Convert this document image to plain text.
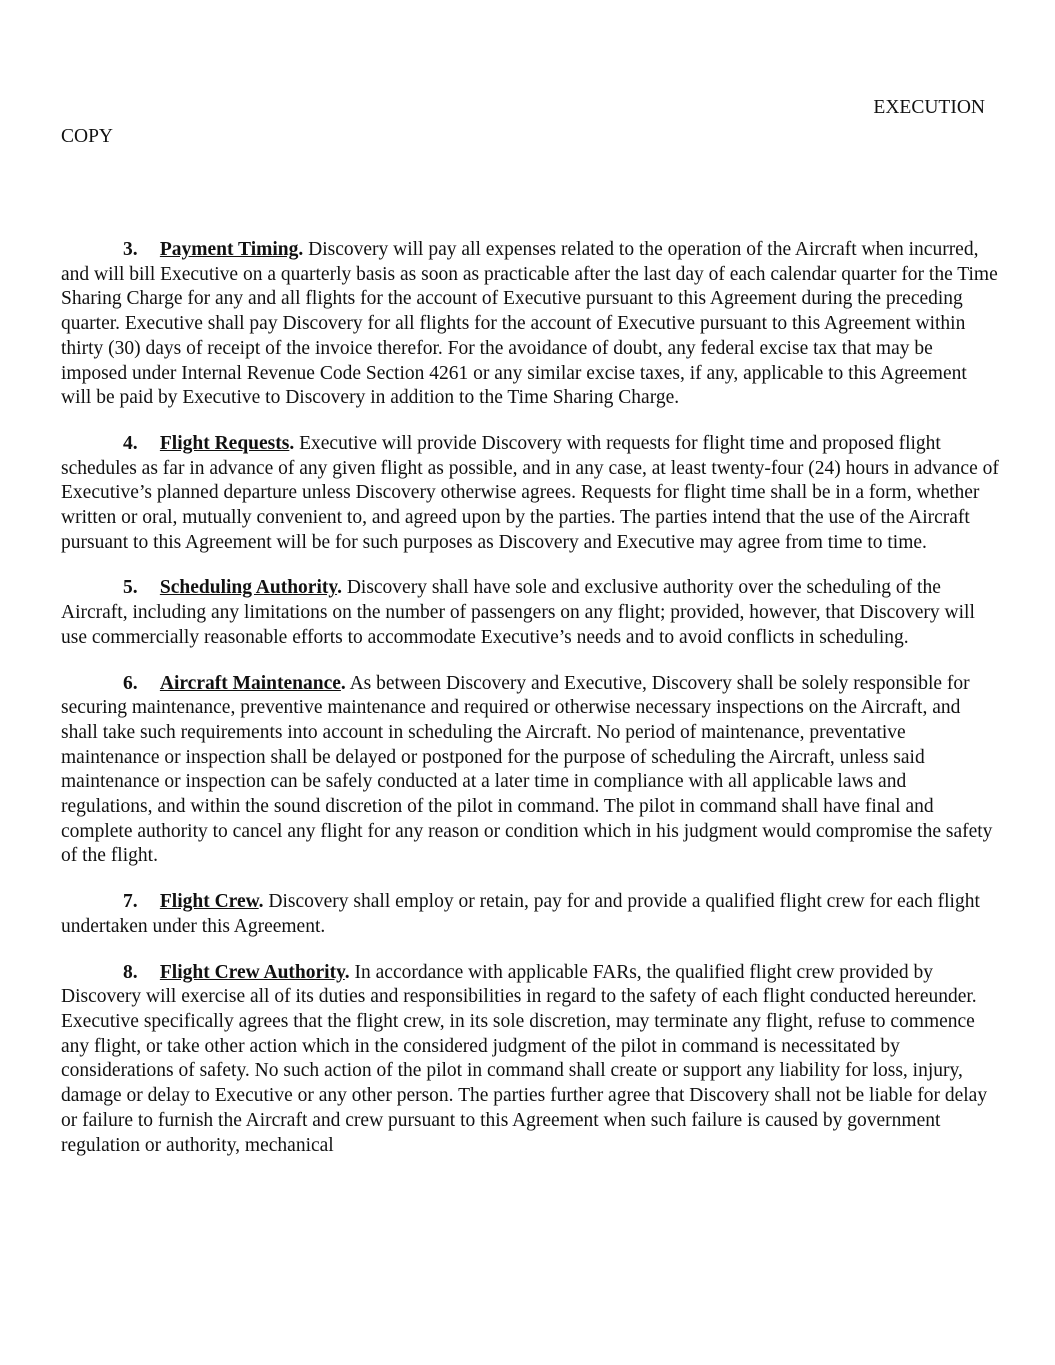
EXECUTION
COPY

3. Payment Timing. Discovery will pay all expenses related to the operation of the Aircraft when incurred, and will bill Executive on a quarterly basis as soon as practicable after the last day of each calendar quarter for the Time Sharing Charge for any and all flights for the account of Executive pursuant to this Agreement during the preceding quarter. Executive shall pay Discovery for all flights for the account of Executive pursuant to this Agreement within thirty (30) days of receipt of the invoice therefor. For the avoidance of doubt, any federal excise tax that may be imposed under Internal Revenue Code Section 4261 or any similar excise taxes, if any, applicable to this Agreement will be paid by Executive to Discovery in addition to the Time Sharing Charge.

4. Flight Requests. Executive will provide Discovery with requests for flight time and proposed flight schedules as far in advance of any given flight as possible, and in any case, at least twenty-four (24) hours in advance of Executive’s planned departure unless Discovery otherwise agrees. Requests for flight time shall be in a form, whether written or oral, mutually convenient to, and agreed upon by the parties. The parties intend that the use of the Aircraft pursuant to this Agreement will be for such purposes as Discovery and Executive may agree from time to time.

5. Scheduling Authority. Discovery shall have sole and exclusive authority over the scheduling of the Aircraft, including any limitations on the number of passengers on any flight; provided, however, that Discovery will use commercially reasonable efforts to accommodate Executive’s needs and to avoid conflicts in scheduling.

6. Aircraft Maintenance. As between Discovery and Executive, Discovery shall be solely responsible for securing maintenance, preventive maintenance and required or otherwise necessary inspections on the Aircraft, and shall take such requirements into account in scheduling the Aircraft. No period of maintenance, preventative maintenance or inspection shall be delayed or postponed for the purpose of scheduling the Aircraft, unless said maintenance or inspection can be safely conducted at a later time in compliance with all applicable laws and regulations, and within the sound discretion of the pilot in command. The pilot in command shall have final and complete authority to cancel any flight for any reason or condition which in his judgment would compromise the safety of the flight.

7. Flight Crew. Discovery shall employ or retain, pay for and provide a qualified flight crew for each flight undertaken under this Agreement.

8. Flight Crew Authority. In accordance with applicable FARs, the qualified flight crew provided by Discovery will exercise all of its duties and responsibilities in regard to the safety of each flight conducted hereunder. Executive specifically agrees that the flight crew, in its sole discretion, may terminate any flight, refuse to commence any flight, or take other action which in the considered judgment of the pilot in command is necessitated by considerations of safety. No such action of the pilot in command shall create or support any liability for loss, injury, damage or delay to Executive or any other person. The parties further agree that Discovery shall not be liable for delay or failure to furnish the Aircraft and crew pursuant to this Agreement when such failure is caused by government regulation or authority, mechanical
